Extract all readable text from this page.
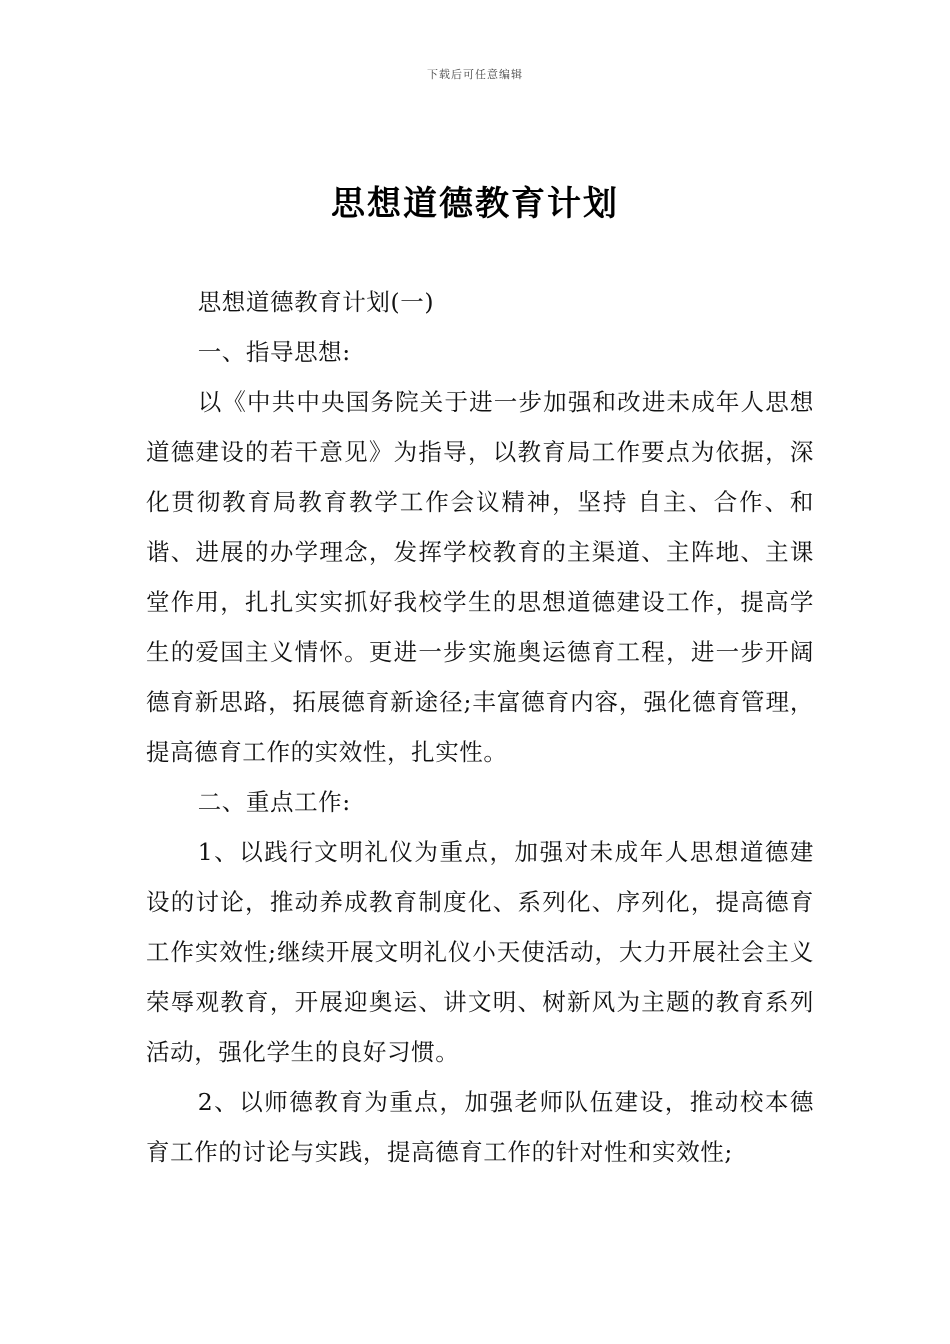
下载后可任意编辑
思想道德教育计划

思想道德教育计划(一)

一、指导思想:

以《中共中央国务院关于进一步加强和改进未成年人思想道德建设的若干意见》为指导，以教育局工作要点为依据，深化贯彻教育局教育教学工作会议精神，坚持 自主、合作、和谐、进展的办学理念，发挥学校教育的主渠道、主阵地、主课堂作用，扎扎实实抓好我校学生的思想道德建设工作，提高学生的爱国主义情怀。更进一步实施奥运德育工程，进一步开阔德育新思路，拓展德育新途径;丰富德育内容，强化德育管理，提高德育工作的实效性，扎实性。

二、重点工作:

1、以践行文明礼仪为重点，加强对未成年人思想道德建设的讨论，推动养成教育制度化、系列化、序列化，提高德育工作实效性;继续开展文明礼仪小天使活动，大力开展社会主义荣辱观教育，开展迎奥运、讲文明、树新风为主题的教育系列活动，强化学生的良好习惯。

2、以师德教育为重点，加强老师队伍建设，推动校本德育工作的讨论与实践，提高德育工作的针对性和实效性;
